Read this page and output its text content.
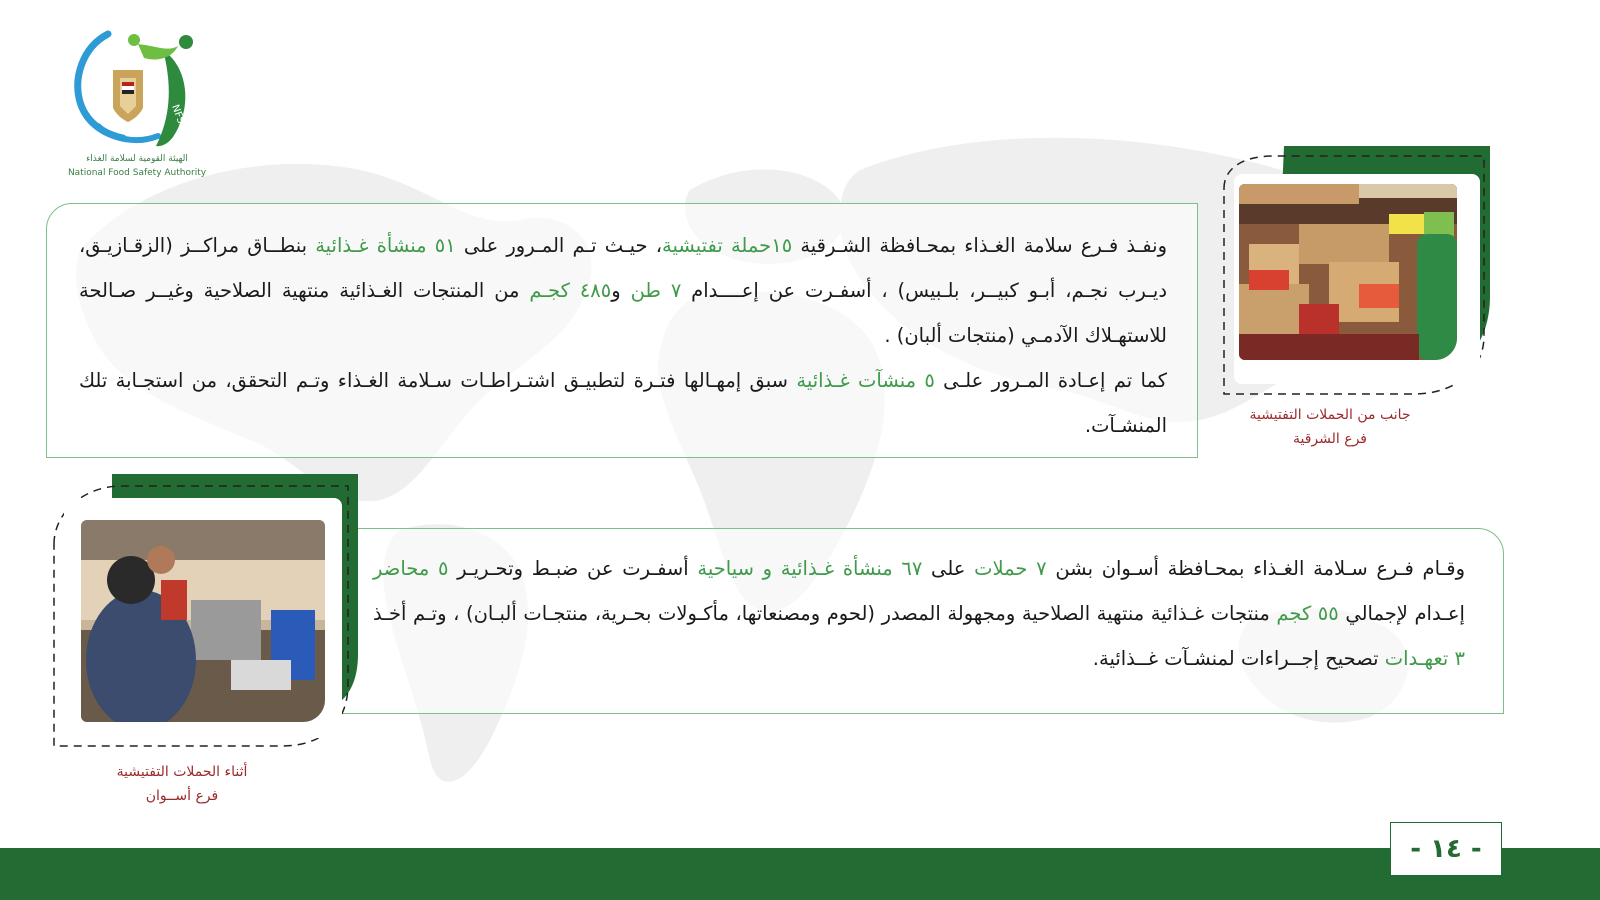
NFSA
الهيئة القومية لسلامة الغذاء
National Food Safety Authority

ونفـذ فـرع سلامة الغـذاء بمحـافظة الشـرقية ١٥حملة تفتيشية، حيـث تـم المـرور على ٥١ منشأة غـذائية بنطــاق مراكــز (الزقـازيـق، ديـرب نجـم، أبـو كبيــر، بلـبيس) ، أسفـرت عن إعــــدام ٧ طن و٤٨٥ كجـم من المنتجات الغـذائية منتهية الصلاحية وغيــر صـالحة للاستهـلاك الآدمـي (منتجات ألبان) .

كما تم إعـادة المـرور علـى ٥ منشآت غـذائية سبق إمهـالها فتـرة لتطبيـق اشتـراطـات سـلامة الغـذاء وتـم التحقق، من استجـابة تلك المنشـآت.	جانب من الحملات التفتيشية
فرع الشرقية

وقـام فـرع سـلامة الغـذاء بمحـافظة أسـوان بشن ٧ حملات على ٦٧ منشأة غـذائية و سياحية أسفـرت عن ضبـط وتحـريـر ٥ محاضر إعـدام لإجمالي ٥٥ كجم منتجات غـذائية منتهية الصلاحية ومجهولة المصدر (لحوم ومصنعاتها، مأكـولات بحـرية، منتجـات ألبـان) ، وتـم أخـذ ٣ تعهـدات تصحيح إجــراءات لمنشـآت غــذائية.

أثناء الحملات التفتيشية
فرع أســوان
- ١٤ -
